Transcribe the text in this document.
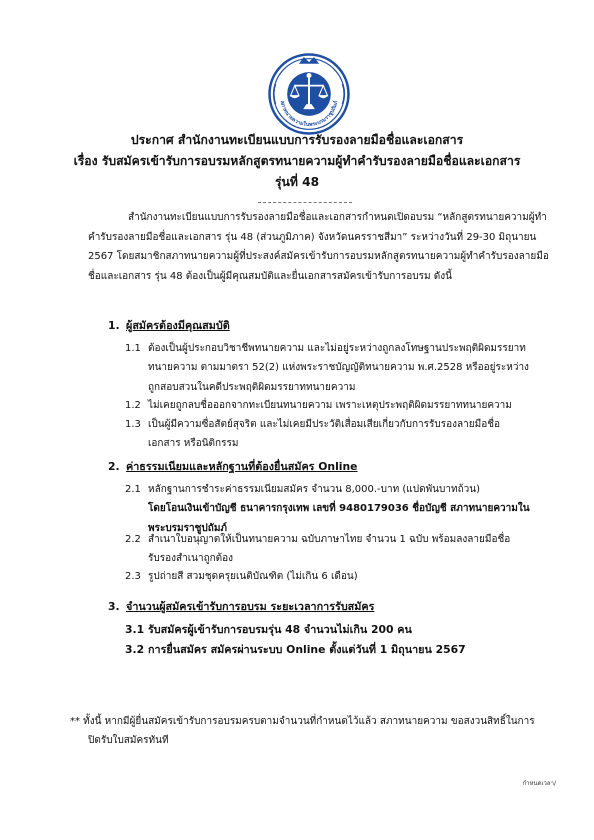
สภาทนายความในพระบรมราชูปถัมภ์
ประกาศ สำนักงานทะเบียนแบบการรับรองลายมือชื่อและเอกสาร
เรื่อง รับสมัครเข้ารับการอบรมหลักสูตรทนายความผู้ทำคำรับรองลายมือชื่อและเอกสาร
รุ่นที่ 48
สำนักงานทะเบียนแบบการรับรองลายมือชื่อและเอกสารกำหนดเปิดอบรม “หลักสูตรทนายความผู้ทำ
คำรับรองลายมือชื่อและเอกสาร รุ่น 48 (ส่วนภูมิภาค) จังหวัดนครราชสีมา” ระหว่างวันที่ 29-30 มิถุนายน
2567 โดยสมาชิกสภาทนายความผู้ที่ประสงค์สมัครเข้ารับการอบรมหลักสูตรทนายความผู้ทำคำรับรองลายมือ
ชื่อและเอกสาร รุ่น 48 ต้องเป็นผู้มีคุณสมบัติและยื่นเอกสารสมัครเข้ารับการอบรม ดังนี้
1. ผู้สมัครต้องมีคุณสมบัติ
1.1 ต้องเป็นผู้ประกอบวิชาชีพทนายความ และไม่อยู่ระหว่างถูกลงโทษฐานประพฤติผิดมรรยาท
ทนายความ ตามมาตรา 52(2) แห่งพระราชบัญญัติทนายความ พ.ศ.2528 หรืออยู่ระหว่าง
ถูกสอบสวนในคดีประพฤติผิดมรรยาททนายความ
1.2 ไม่เคยถูกลบชื่อออกจากทะเบียนทนายความ เพราะเหตุประพฤติผิดมรรยาททนายความ
1.3 เป็นผู้มีความซื่อสัตย์สุจริต และไม่เคยมีประวัติเสื่อมเสียเกี่ยวกับการรับรองลายมือชื่อ
เอกสาร หรือนิติกรรม
2. ค่าธรรมเนียมและหลักฐานที่ต้องยื่นสมัคร Online
2.1 หลักฐานการชำระค่าธรรมเนียมสมัคร จำนวน 8,000.-บาท (แปดพันบาทถ้วน)
โดยโอนเงินเข้าบัญชี ธนาคารกรุงเทพ เลขที่ 9480179036 ชื่อบัญชี สภาทนายความใน
พระบรมราชูปถัมภ์
2.2 สำเนาใบอนุญาตให้เป็นทนายความ ฉบับภาษาไทย จำนวน 1 ฉบับ พร้อมลงลายมือชื่อ
รับรองสำเนาถูกต้อง
2.3 รูปถ่ายสี สวมชุดครุยเนติบัณฑิต (ไม่เกิน 6 เดือน)
3. จำนวนผู้สมัครเข้ารับการอบรม ระยะเวลาการรับสมัคร
3.1 รับสมัครผู้เข้ารับการอบรมรุ่น 48 จำนวนไม่เกิน 200 คน
3.2 การยื่นสมัคร สมัครผ่านระบบ Online ตั้งแต่วันที่ 1 มิถุนายน 2567
** ทั้งนี้ หากมีผู้ยื่นสมัครเข้ารับการอบรมครบตามจำนวนที่กำหนดไว้แล้ว สภาทนายความ ขอสงวนสิทธิ์ในการ
ปิดรับใบสมัครทันที
กำหนดเวลา/
